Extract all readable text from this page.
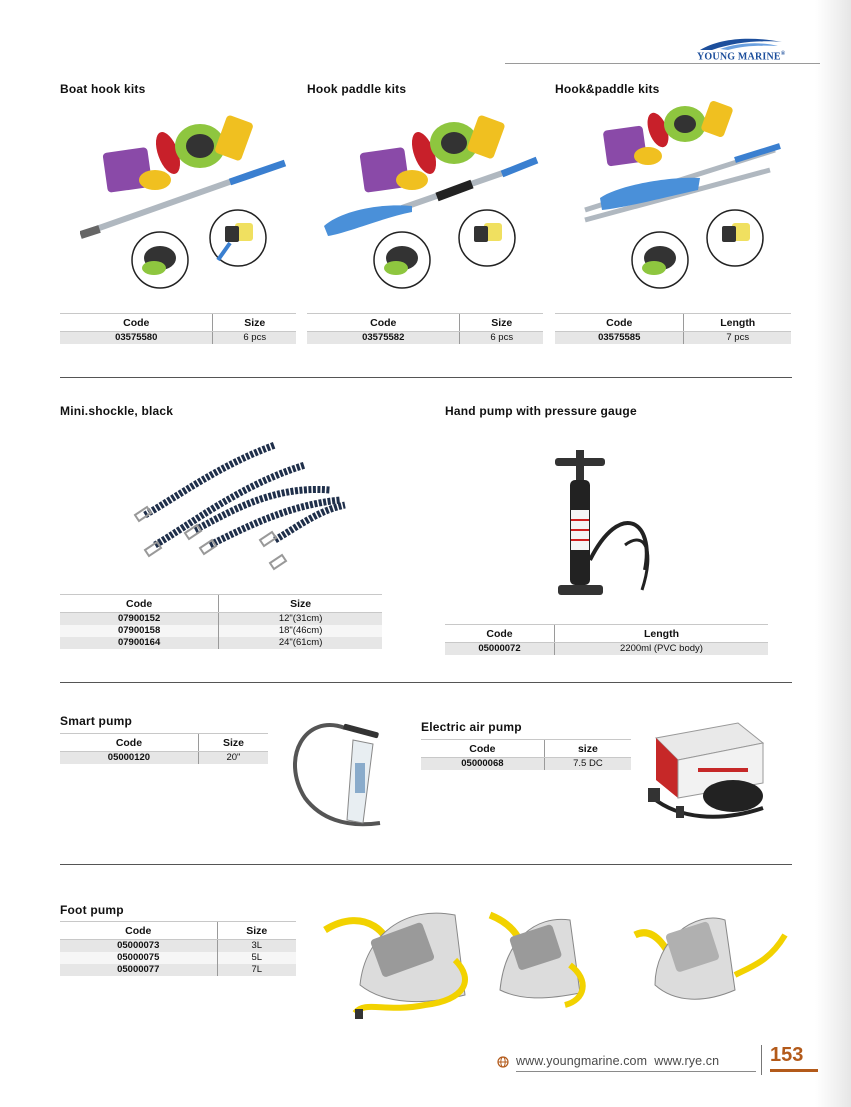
YOUNG MARINE®
Boat hook kits	Hook paddle kits	Hook&paddle kits
Code	Size
03575580	6 pcs
Code	Size
03575582	6 pcs
Code	Length
03575585	7 pcs
Mini.shockle, black	Hand pump with pressure gauge
Code	Size
07900152	12"(31cm)
07900158	18"(46cm)
07900164	24"(61cm)
Code	Length
05000072	2200ml (PVC body)
Smart pump
Code	Size
05000120	20"
Electric air pump
Code	size
05000068	7.5 DC
Foot pump
Code	Size
05000073	3L
05000075	5L
05000077	7L
www.youngmarine.com www.rye.cn	153
